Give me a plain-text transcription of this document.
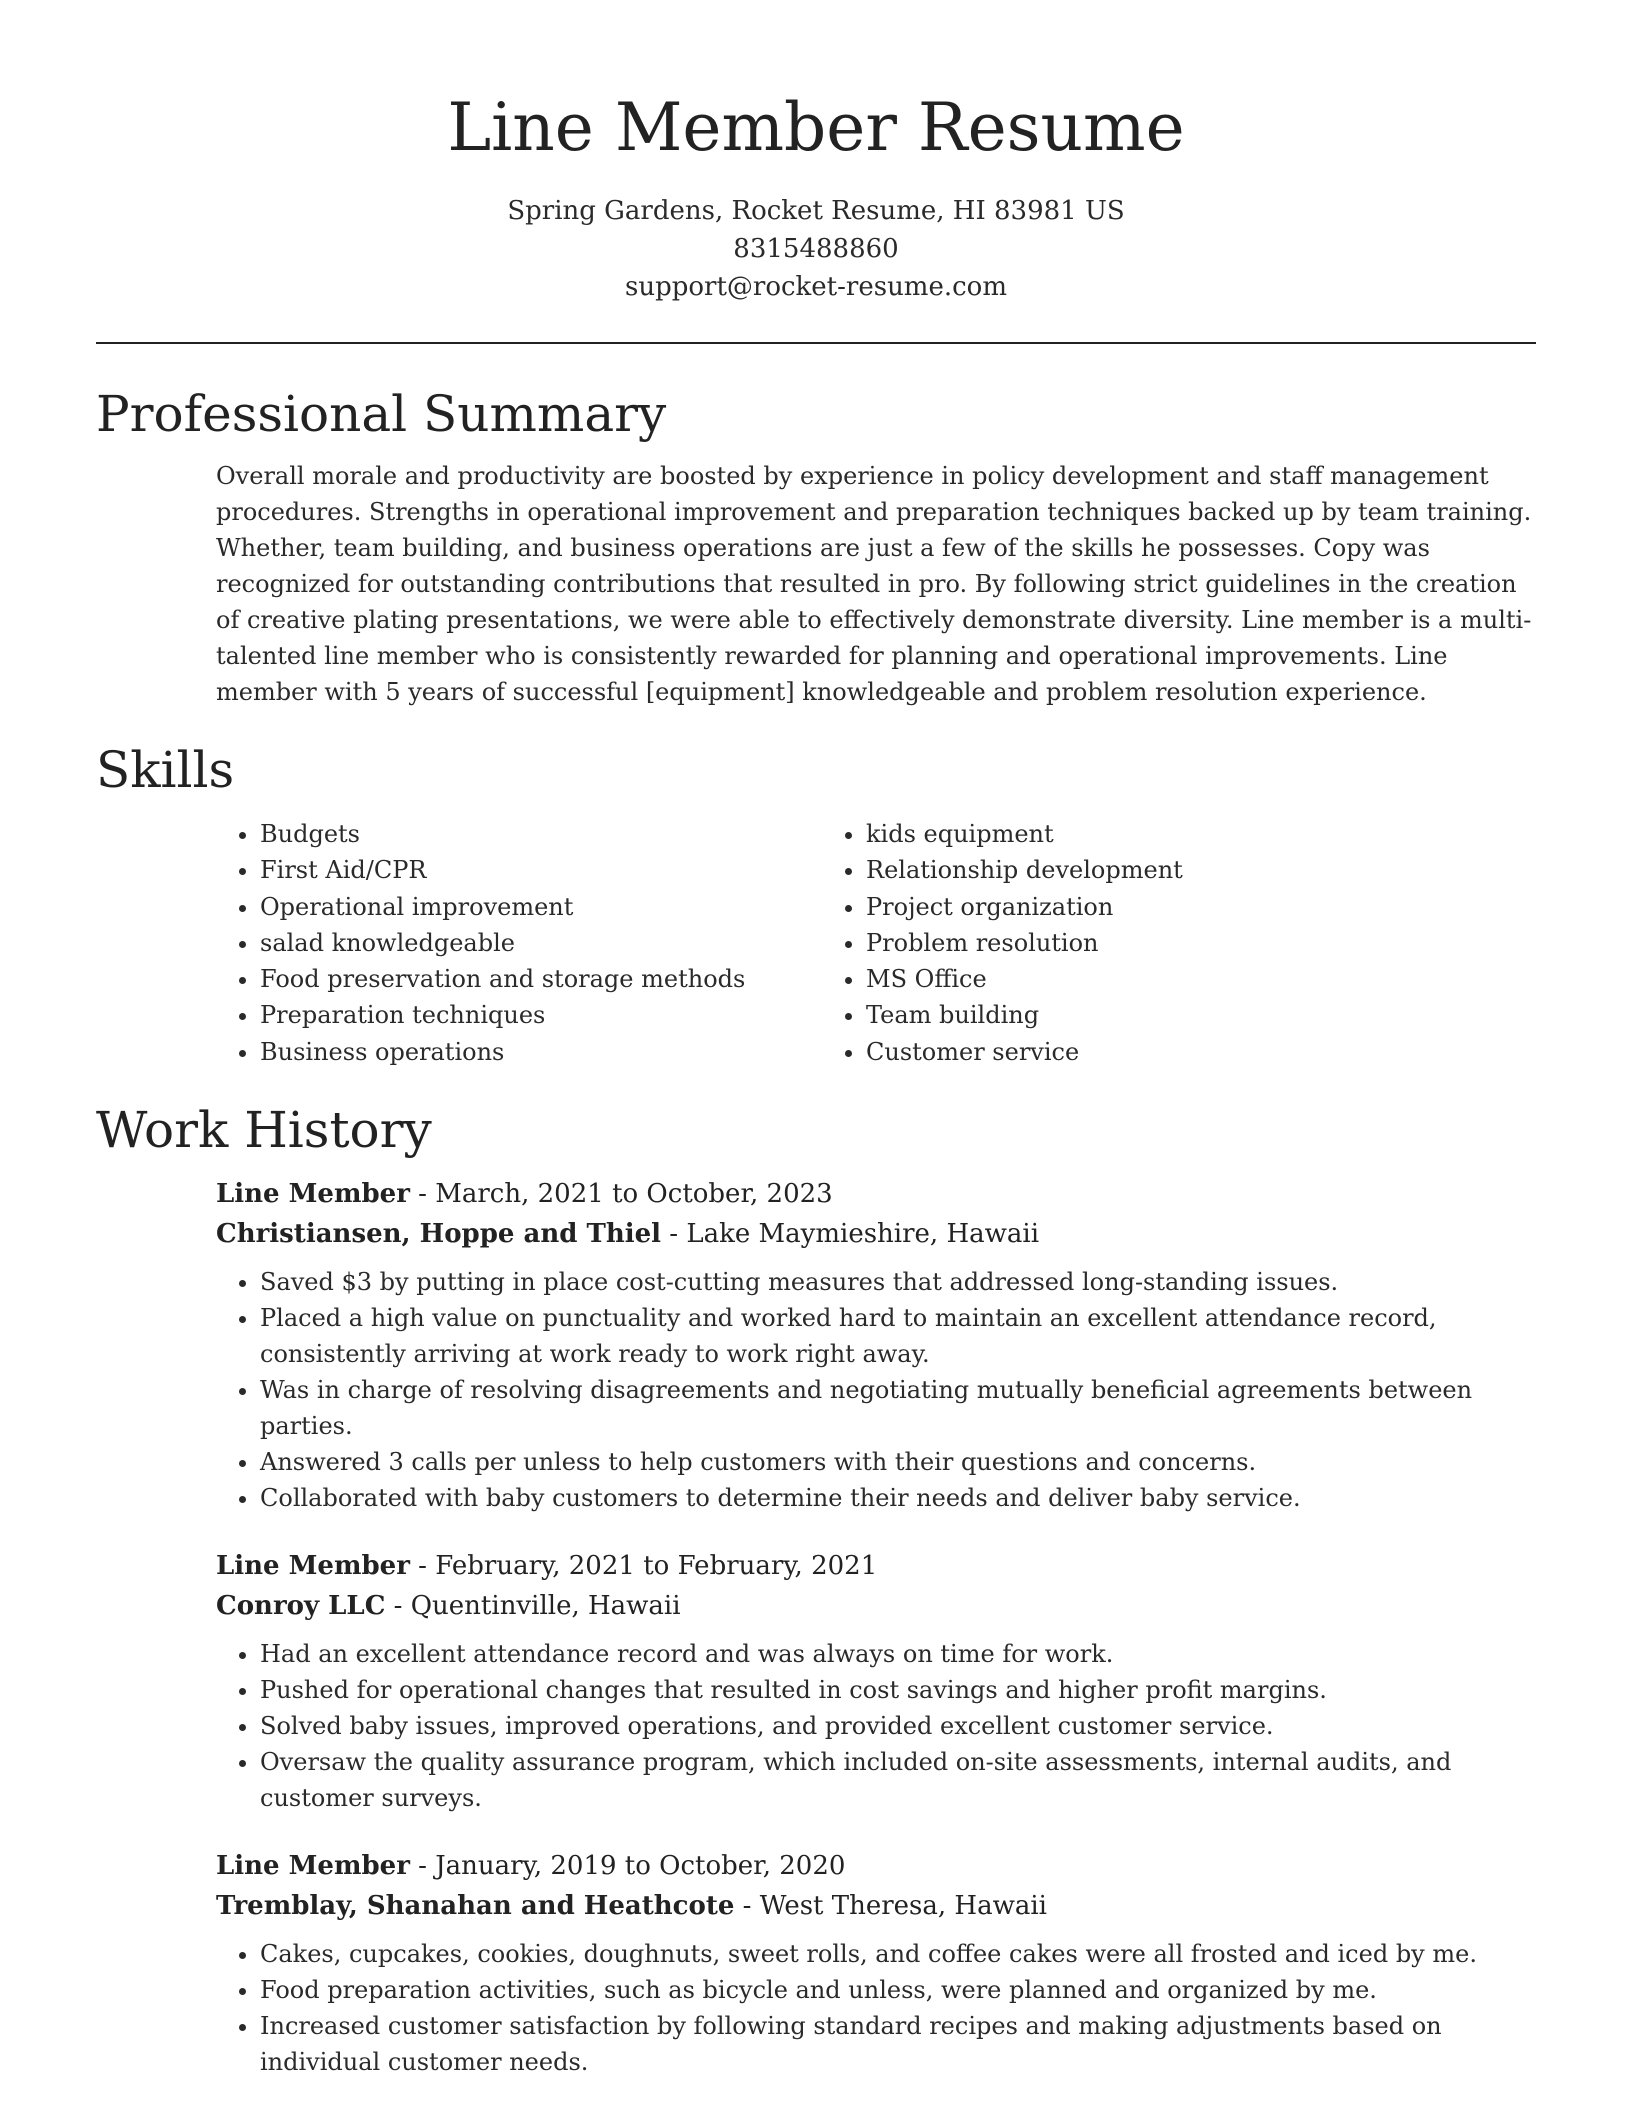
Line Member Resume
Spring Gardens, Rocket Resume, HI 83981 US
8315488860
support@rocket-resume.com
Professional Summary

Overall morale and productivity are boosted by experience in policy development and staff management procedures. Strengths in operational improvement and preparation techniques backed up by team training. Whether, team building, and business operations are just a few of the skills he possesses. Copy was recognized for outstanding contributions that resulted in pro. By following strict guidelines in the creation of creative plating presentations, we were able to effectively demonstrate diversity. Line member is a multi-talented line member who is consistently rewarded for planning and operational improvements. Line member with 5 years of successful [equipment] knowledgeable and problem resolution experience.

Skills
• Budgets
• First Aid/CPR
• Operational improvement
• salad knowledgeable
• Food preservation and storage methods
• Preparation techniques
• Business operations
• kids equipment
• Relationship development
• Project organization
• Problem resolution
• MS Office
• Team building
• Customer service
Work History
Line Member - March, 2021 to October, 2023
Christiansen, Hoppe and Thiel - Lake Maymieshire, Hawaii
• Saved $3 by putting in place cost-cutting measures that addressed long-standing issues.
• Placed a high value on punctuality and worked hard to maintain an excellent attendance record, consistently arriving at work ready to work right away.
• Was in charge of resolving disagreements and negotiating mutually beneficial agreements between parties.
• Answered 3 calls per unless to help customers with their questions and concerns.
• Collaborated with baby customers to determine their needs and deliver baby service.
Line Member - February, 2021 to February, 2021
Conroy LLC - Quentinville, Hawaii
• Had an excellent attendance record and was always on time for work.
• Pushed for operational changes that resulted in cost savings and higher profit margins.
• Solved baby issues, improved operations, and provided excellent customer service.
• Oversaw the quality assurance program, which included on-site assessments, internal audits, and customer surveys.
Line Member - January, 2019 to October, 2020
Tremblay, Shanahan and Heathcote - West Theresa, Hawaii
• Cakes, cupcakes, cookies, doughnuts, sweet rolls, and coffee cakes were all frosted and iced by me.
• Food preparation activities, such as bicycle and unless, were planned and organized by me.
• Increased customer satisfaction by following standard recipes and making adjustments based on individual customer needs.
